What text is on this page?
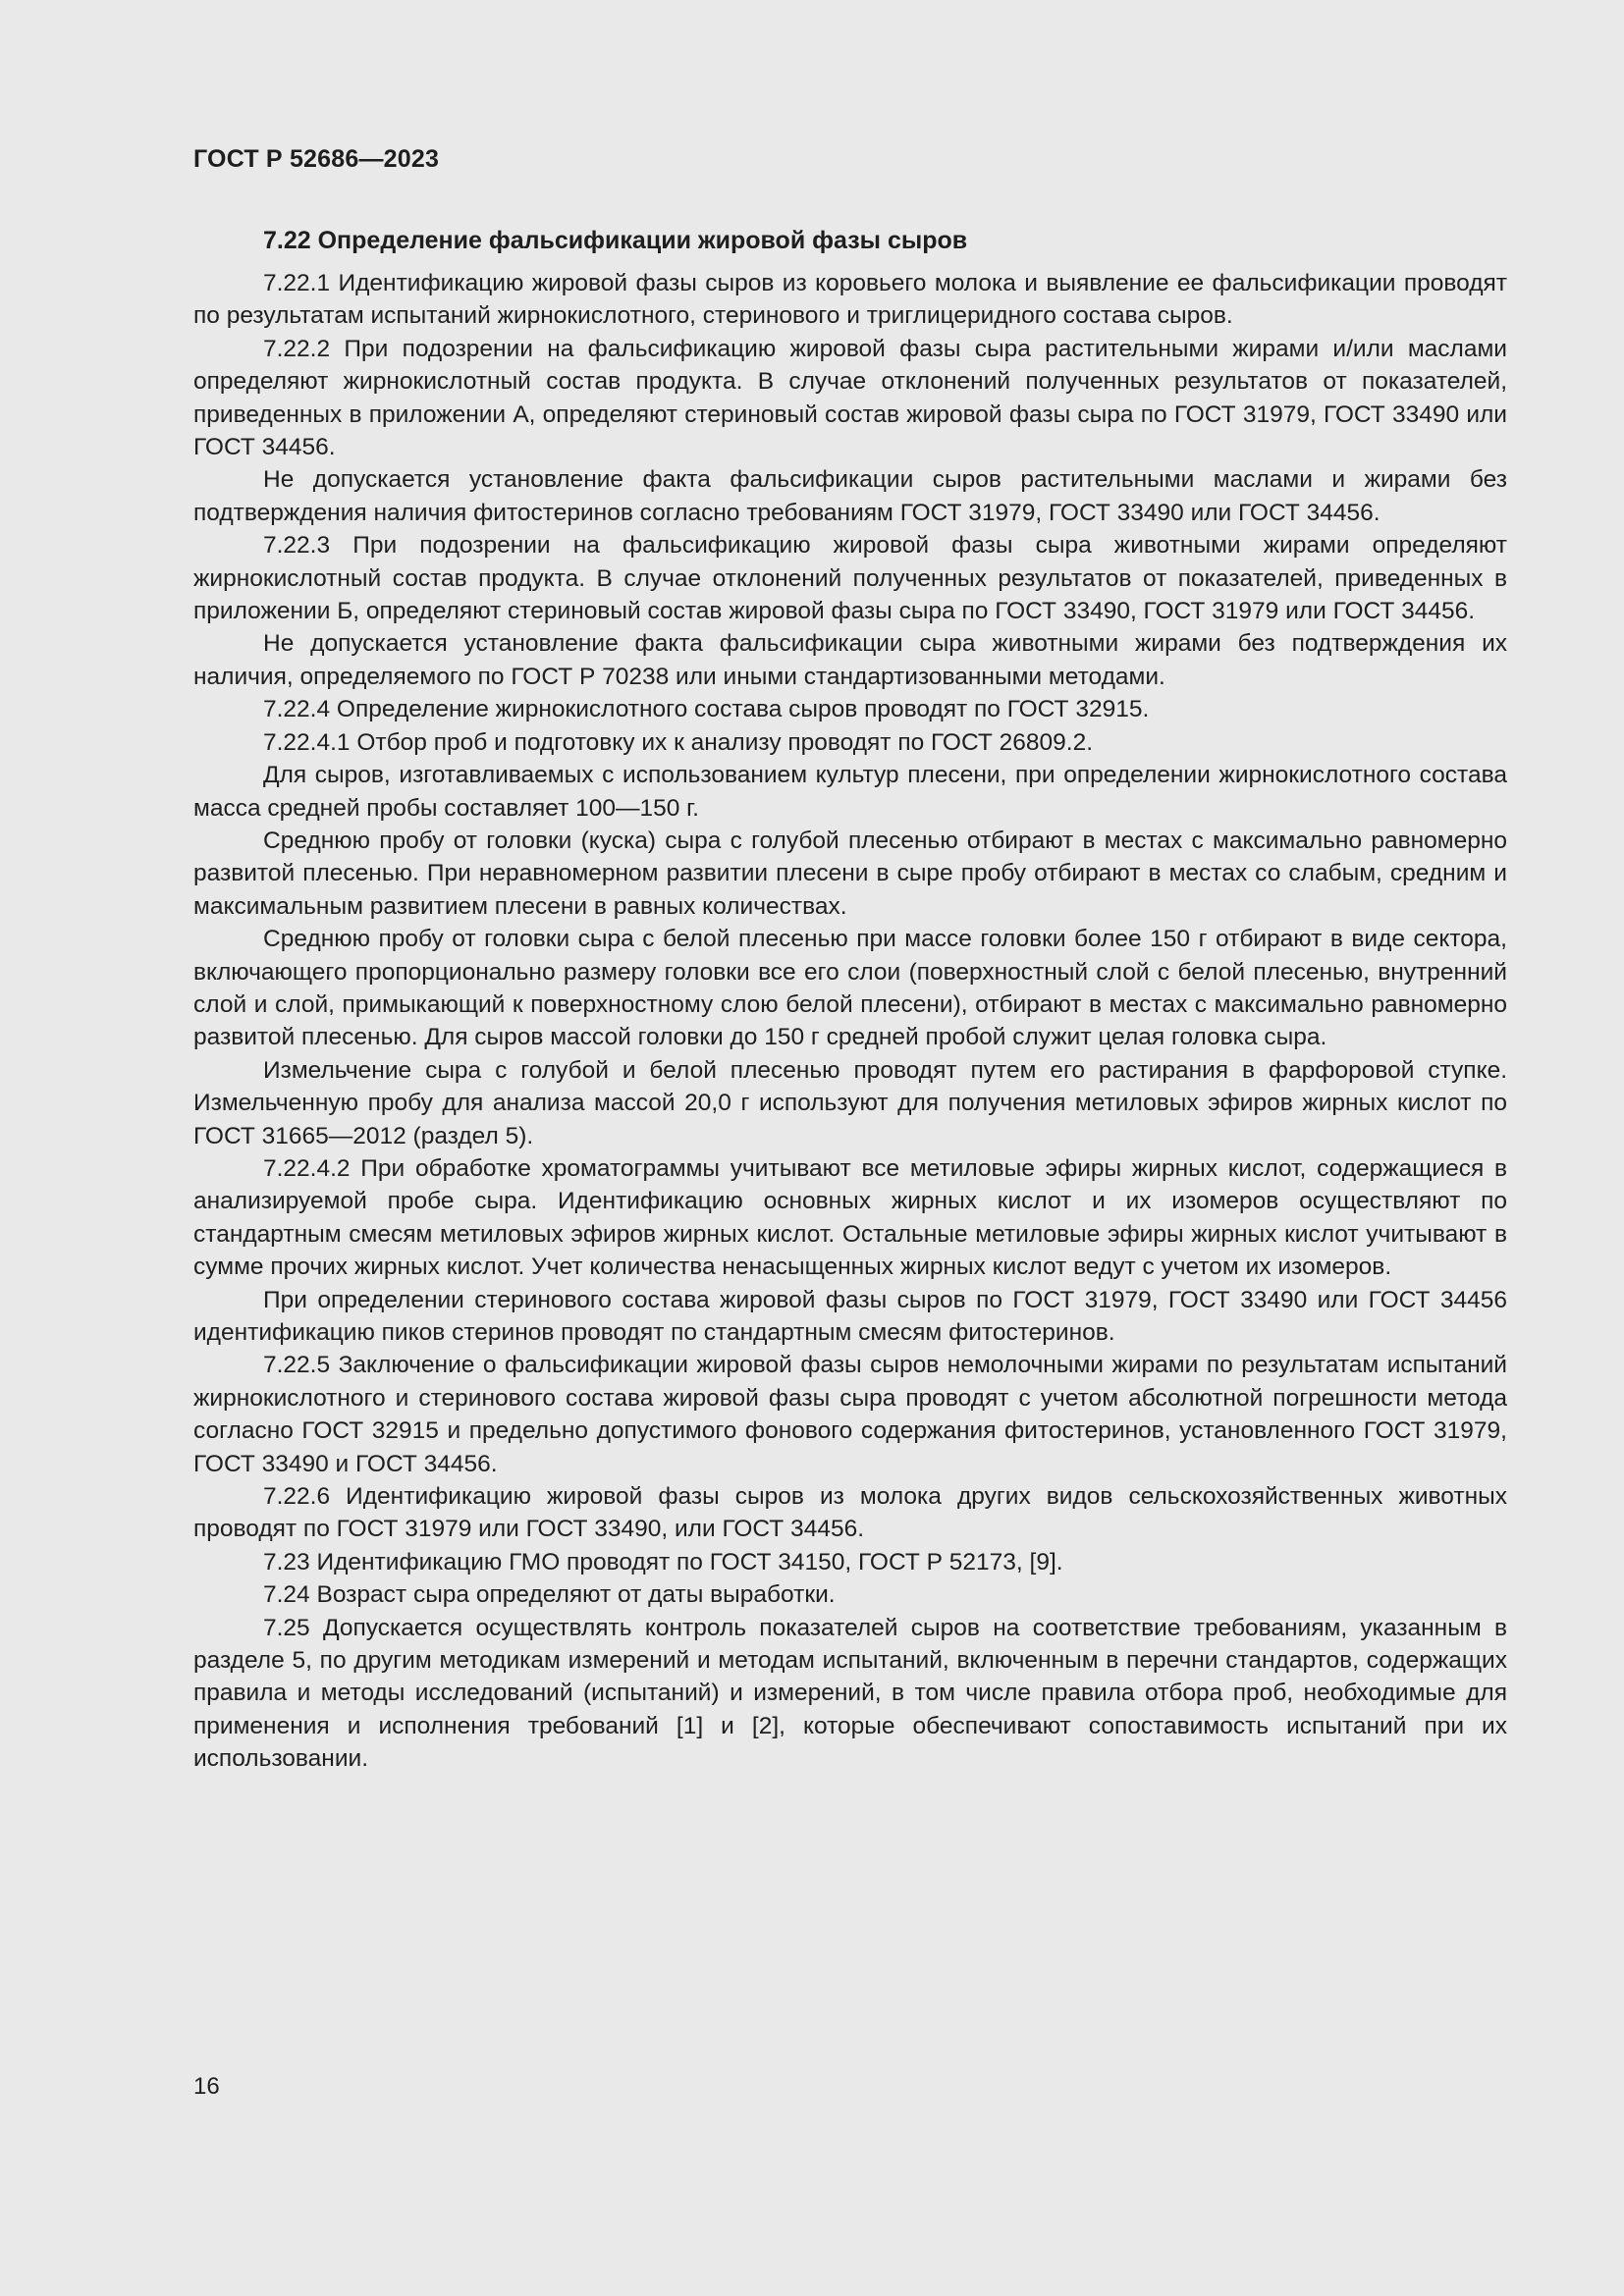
ГОСТ Р 52686—2023

7.22 Определение фальсификации жировой фазы сыров

7.22.1 Идентификацию жировой фазы сыров из коровьего молока и выявление ее фальсификации проводят по результатам испытаний жирнокислотного, стеринового и триглицеридного состава сыров.

7.22.2 При подозрении на фальсификацию жировой фазы сыра растительными жирами и/или маслами определяют жирнокислотный состав продукта. В случае отклонений полученных результатов от показателей, приведенных в приложении А, определяют стериновый состав жировой фазы сыра по ГОСТ 31979, ГОСТ 33490 или ГОСТ 34456.

Не допускается установление факта фальсификации сыров растительными маслами и жирами без подтверждения наличия фитостеринов согласно требованиям ГОСТ 31979, ГОСТ 33490 или ГОСТ 34456.

7.22.3 При подозрении на фальсификацию жировой фазы сыра животными жирами определяют жирнокислотный состав продукта. В случае отклонений полученных результатов от показателей, приведенных в приложении Б, определяют стериновый состав жировой фазы сыра по ГОСТ 33490, ГОСТ 31979 или ГОСТ 34456.

Не допускается установление факта фальсификации сыра животными жирами без подтверждения их наличия, определяемого по ГОСТ Р 70238 или иными стандартизованными методами.

7.22.4 Определение жирнокислотного состава сыров проводят по ГОСТ 32915.

7.22.4.1 Отбор проб и подготовку их к анализу проводят по ГОСТ 26809.2.

Для сыров, изготавливаемых с использованием культур плесени, при определении жирнокислотного состава масса средней пробы составляет 100—150 г.

Среднюю пробу от головки (куска) сыра с голубой плесенью отбирают в местах с максимально равномерно развитой плесенью. При неравномерном развитии плесени в сыре пробу отбирают в местах со слабым, средним и максимальным развитием плесени в равных количествах.

Среднюю пробу от головки сыра с белой плесенью при массе головки более 150 г отбирают в виде сектора, включающего пропорционально размеру головки все его слои (поверхностный слой с белой плесенью, внутренний слой и слой, примыкающий к поверхностному слою белой плесени), отбирают в местах с максимально равномерно развитой плесенью. Для сыров массой головки до 150 г средней пробой служит целая головка сыра.

Измельчение сыра с голубой и белой плесенью проводят путем его растирания в фарфоровой ступке. Измельченную пробу для анализа массой 20,0 г используют для получения метиловых эфиров жирных кислот по ГОСТ 31665—2012 (раздел 5).

7.22.4.2 При обработке хроматограммы учитывают все метиловые эфиры жирных кислот, содержащиеся в анализируемой пробе сыра. Идентификацию основных жирных кислот и их изомеров осуществляют по стандартным смесям метиловых эфиров жирных кислот. Остальные метиловые эфиры жирных кислот учитывают в сумме прочих жирных кислот. Учет количества ненасыщенных жирных кислот ведут с учетом их изомеров.

При определении стеринового состава жировой фазы сыров по ГОСТ 31979, ГОСТ 33490 или ГОСТ 34456 идентификацию пиков стеринов проводят по стандартным смесям фитостеринов.

7.22.5 Заключение о фальсификации жировой фазы сыров немолочными жирами по результатам испытаний жирнокислотного и стеринового состава жировой фазы сыра проводят с учетом абсолютной погрешности метода согласно ГОСТ 32915 и предельно допустимого фонового содержания фитостеринов, установленного ГОСТ 31979, ГОСТ 33490 и ГОСТ 34456.

7.22.6 Идентификацию жировой фазы сыров из молока других видов сельскохозяйственных животных проводят по ГОСТ 31979 или ГОСТ 33490, или ГОСТ 34456.

7.23 Идентификацию ГМО проводят по ГОСТ 34150, ГОСТ Р 52173, [9].

7.24 Возраст сыра определяют от даты выработки.

7.25 Допускается осуществлять контроль показателей сыров на соответствие требованиям, указанным в разделе 5, по другим методикам измерений и методам испытаний, включенным в перечни стандартов, содержащих правила и методы исследований (испытаний) и измерений, в том числе правила отбора проб, необходимые для применения и исполнения требований [1] и [2], которые обеспечивают сопоставимость испытаний при их использовании.

16
